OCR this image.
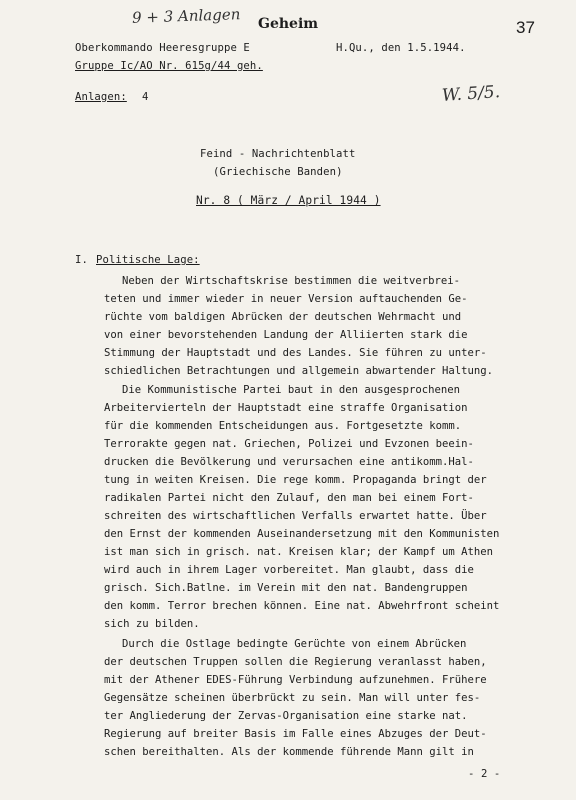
9 + 3 Anlagen Geheim	37
Oberkommando Heeresgruppe E	H.Qu., den 1.5.1944.
Gruppe Ic/AO Nr. 615g/44 geh.
Anlagen: 4	W. 5/5.
Feind - Nachrichtenblatt
(Griechische Banden)
Nr. 8 ( März / April 1944 )
I. Politische Lage:
Neben der Wirtschaftskrise bestimmen die weitverbrei-
teten und immer wieder in neuer Version auftauchenden Ge-
rüchte vom baldigen Abrücken der deutschen Wehrmacht und
von einer bevorstehenden Landung der Alliierten stark die
Stimmung der Hauptstadt und des Landes. Sie führen zu unter-
schiedlichen Betrachtungen und allgemein abwartender Haltung.
Die Kommunistische Partei baut in den ausgesprochenen
Arbeitervierteln der Hauptstadt eine straffe Organisation
für die kommenden Entscheidungen aus. Fortgesetzte komm.
Terrorakte gegen nat. Griechen, Polizei und Evzonen beein-
drucken die Bevölkerung und verursachen eine antikomm.Hal-
tung in weiten Kreisen. Die rege komm. Propaganda bringt der
radikalen Partei nicht den Zulauf, den man bei einem Fort-
schreiten des wirtschaftlichen Verfalls erwartet hatte. Über
den Ernst der kommenden Auseinandersetzung mit den Kommunisten
ist man sich in grisch. nat. Kreisen klar; der Kampf um Athen
wird auch in ihrem Lager vorbereitet. Man glaubt, dass die
grisch. Sich.Batlne. im Verein mit den nat. Bandengruppen
den komm. Terror brechen können. Eine nat. Abwehrfront scheint
sich zu bilden.
Durch die Ostlage bedingte Gerüchte von einem Abrücken
der deutschen Truppen sollen die Regierung veranlasst haben,
mit der Athener EDES-Führung Verbindung aufzunehmen. Frühere
Gegensätze scheinen überbrückt zu sein. Man will unter fes-
ter Angliederung der Zervas-Organisation eine starke nat.
Regierung auf breiter Basis im Falle eines Abzuges der Deut-
schen bereithalten. Als der kommende führende Mann gilt in
- 2 -
